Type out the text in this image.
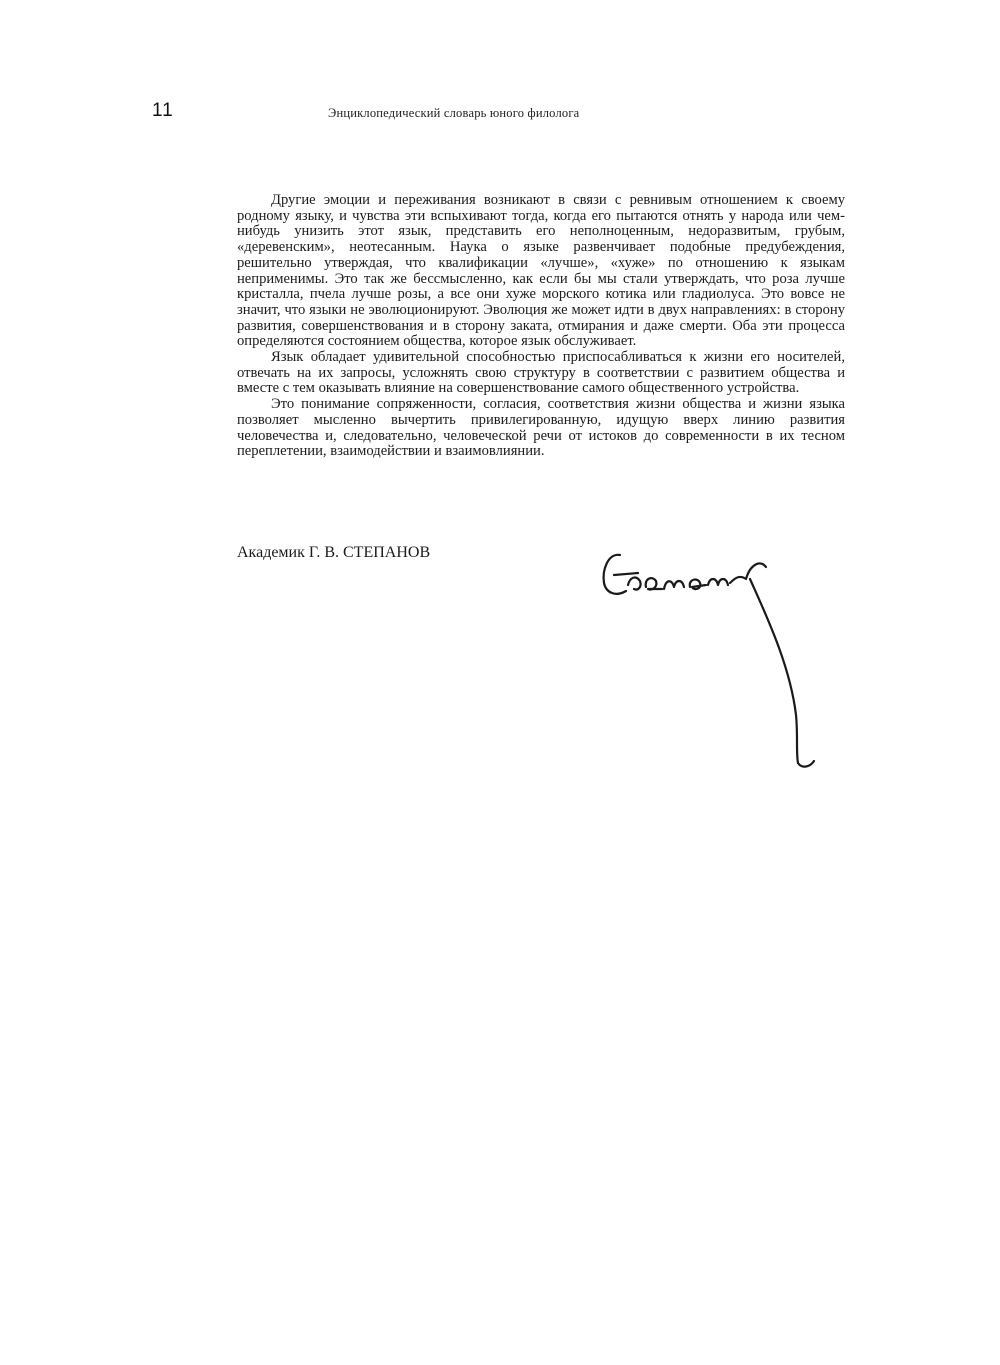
11	Энциклопедический словарь юного филолога

Другие эмоции и переживания возникают в связи с ревнивым отношением к своему родному языку, и чувства эти вспыхивают тогда, когда его пытаются отнять у народа или чем-нибудь унизить этот язык, представить его неполноценным, недоразвитым, грубым, «деревенским», неотесанным. Наука о языке развенчивает подобные предубеждения, решительно утверждая, что квалификации «лучше», «хуже» по отношению к языкам неприменимы. Это так же бессмысленно, как если бы мы стали утверждать, что роза лучше кристалла, пчела лучше розы, а все они хуже морского котика или гладиолуса. Это вовсе не значит, что языки не эволюционируют. Эволюция же может идти в двух направлениях: в сторону развития, совершенствования и в сторону заката, отмирания и даже смерти. Оба эти процесса определяются состоянием общества, которое язык обслуживает.

Язык обладает удивительной способностью приспосабливаться к жизни его носителей, отвечать на их запросы, усложнять свою структуру в соответствии с развитием общества и вместе с тем оказывать влияние на совершенствование самого общественного устройства.

Это понимание сопряженности, согласия, соответствия жизни общества и жизни языка позволяет мысленно вычертить привилегированную, идущую вверх линию развития человечества и, следовательно, человеческой речи от истоков до современности в их тесном переплетении, взаимодействии и взаимовлиянии.

Академик Г. В. СТЕПАНОВ
